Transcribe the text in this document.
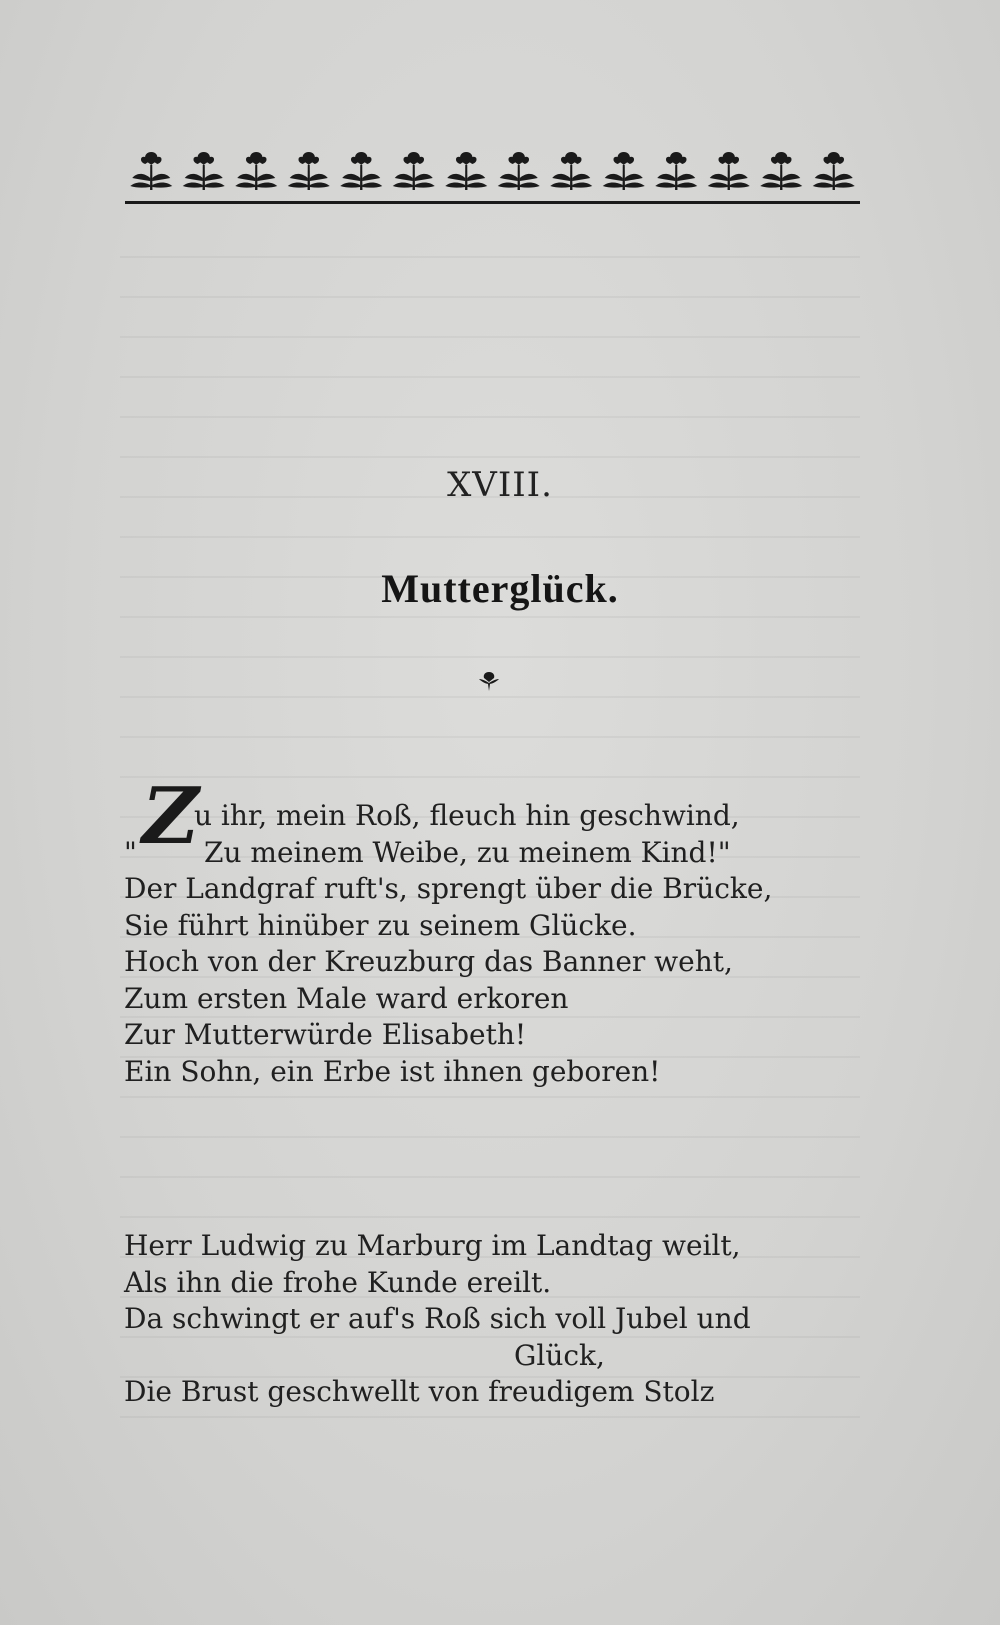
XVIII.
Mutterglück.
Z
u ihr, mein Roß, fleuch hin geschwind,
" Zu meinem Weibe, zu meinem Kind!"
Der Landgraf ruft's, sprengt über die Brücke,
Sie führt hinüber zu seinem Glücke.
Hoch von der Kreuzburg das Banner weht,
Zum ersten Male ward erkoren
Zur Mutterwürde Elisabeth!
Ein Sohn, ein Erbe ist ihnen geboren!
Herr Ludwig zu Marburg im Landtag weilt,
Als ihn die frohe Kunde ereilt.
Da schwingt er auf's Roß sich voll Jubel und
Glück,
Die Brust geschwellt von freudigem Stolz
